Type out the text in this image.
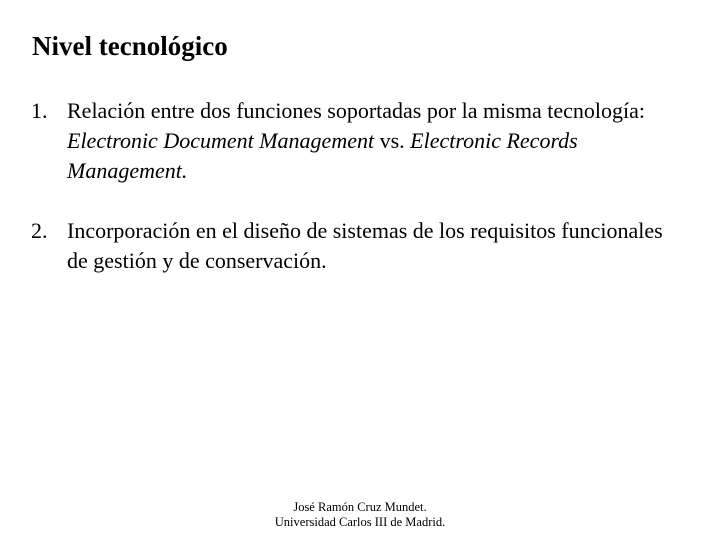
Nivel tecnológico
1. Relación entre dos funciones soportadas por la misma tecnología: Electronic Document Management vs. Electronic Records Management.
2. Incorporación en el diseño de sistemas de los requisitos funcionales de gestión y de conservación.
José Ramón Cruz Mundet.
Universidad Carlos III de Madrid.
